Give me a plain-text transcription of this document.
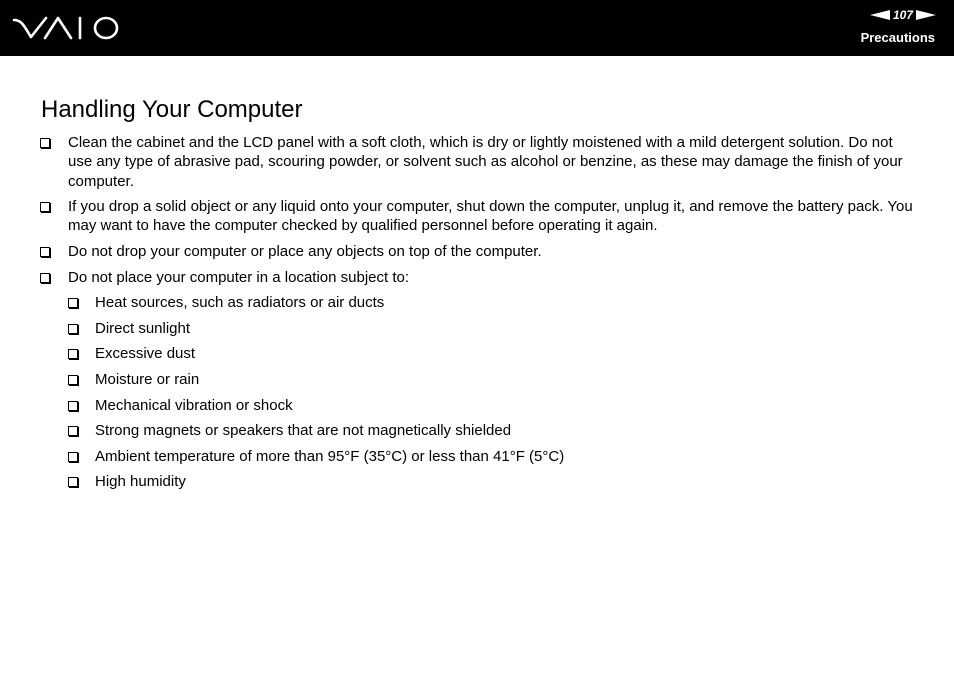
107
Precautions
Handling Your Computer
Clean the cabinet and the LCD panel with a soft cloth, which is dry or lightly moistened with a mild detergent solution. Do not use any type of abrasive pad, scouring powder, or solvent such as alcohol or benzine, as these may damage the finish of your computer.
If you drop a solid object or any liquid onto your computer, shut down the computer, unplug it, and remove the battery pack. You may want to have the computer checked by qualified personnel before operating it again.
Do not drop your computer or place any objects on top of the computer.
Do not place your computer in a location subject to:
Heat sources, such as radiators or air ducts
Direct sunlight
Excessive dust
Moisture or rain
Mechanical vibration or shock
Strong magnets or speakers that are not magnetically shielded
Ambient temperature of more than 95°F (35°C) or less than 41°F (5°C)
High humidity
